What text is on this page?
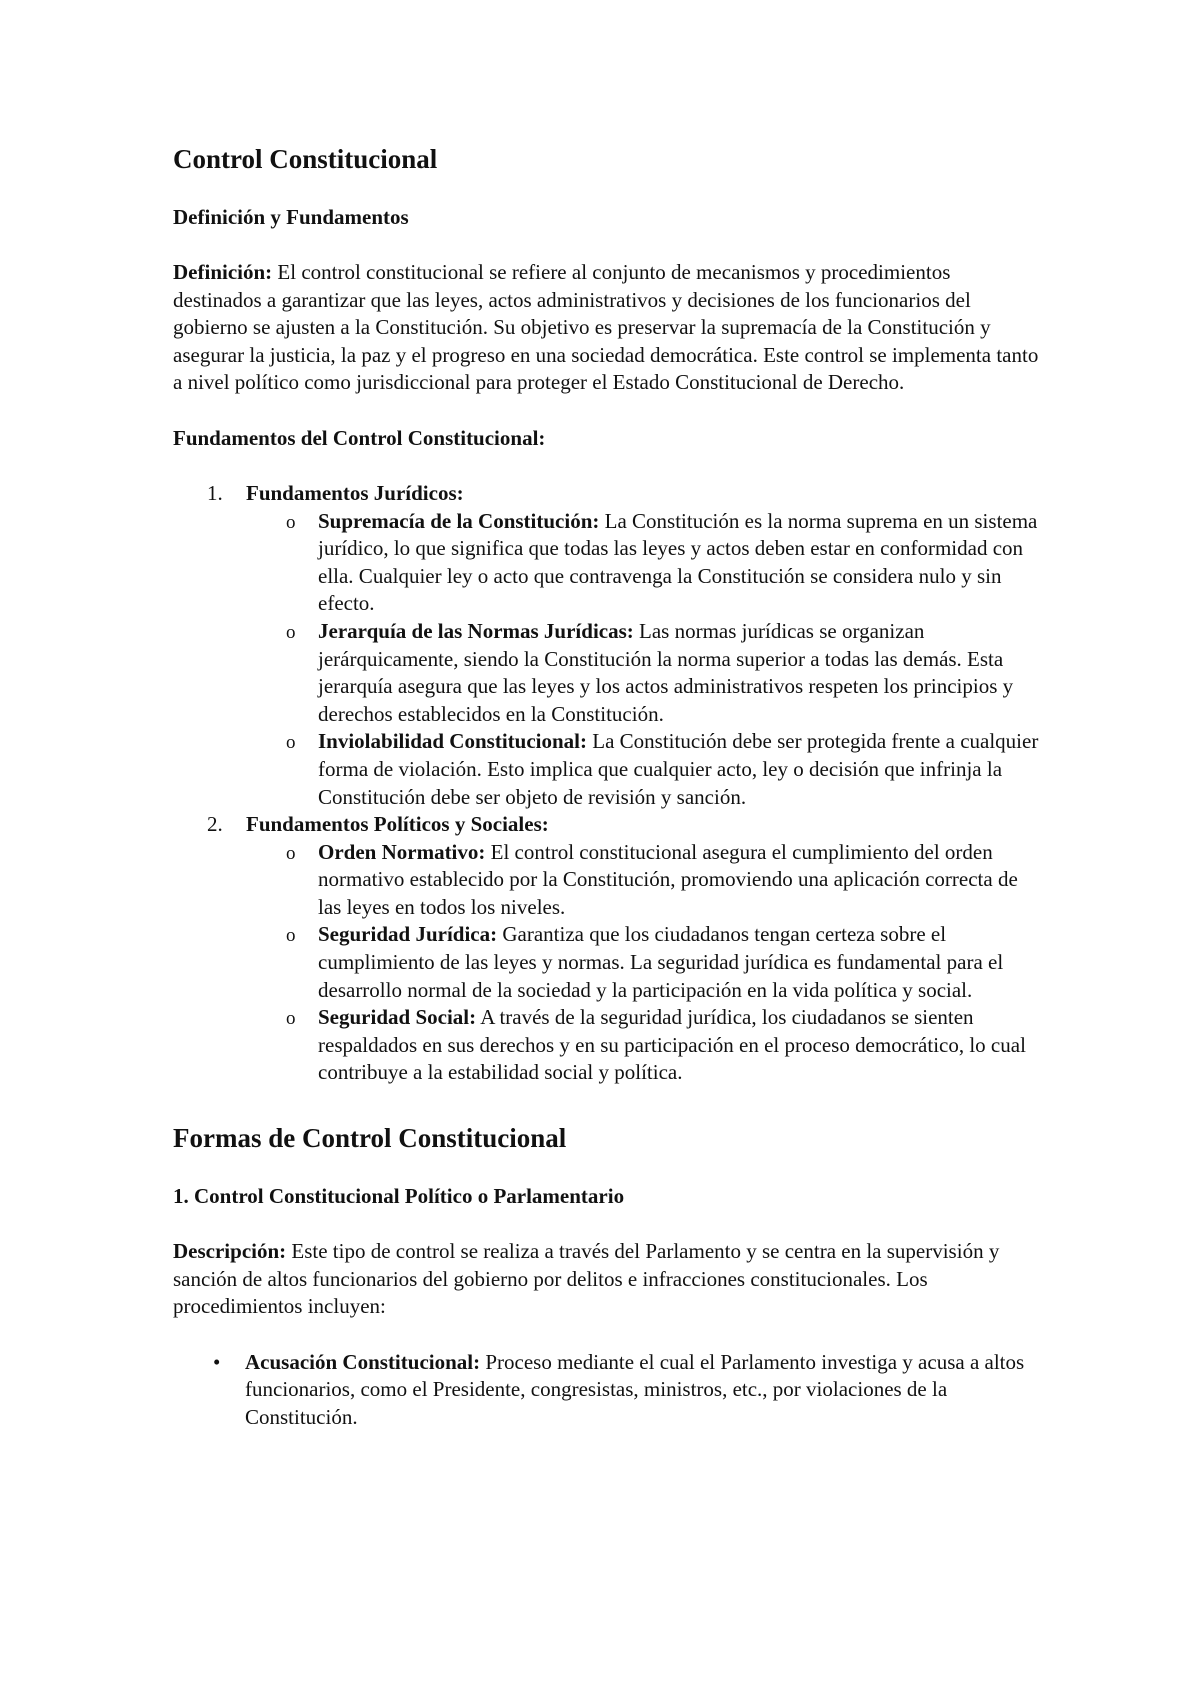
Control Constitucional
Definición y Fundamentos

Definición: El control constitucional se refiere al conjunto de mecanismos y procedimientos destinados a garantizar que las leyes, actos administrativos y decisiones de los funcionarios del gobierno se ajusten a la Constitución. Su objetivo es preservar la supremacía de la Constitución y asegurar la justicia, la paz y el progreso en una sociedad democrática. Este control se implementa tanto a nivel político como jurisdiccional para proteger el Estado Constitucional de Derecho.

Fundamentos del Control Constitucional:
1. Fundamentos Jurídicos:
o Supremacía de la Constitución: La Constitución es la norma suprema en un sistema jurídico, lo que significa que todas las leyes y actos deben estar en conformidad con ella. Cualquier ley o acto que contravenga la Constitución se considera nulo y sin efecto.
o Jerarquía de las Normas Jurídicas: Las normas jurídicas se organizan jerárquicamente, siendo la Constitución la norma superior a todas las demás. Esta jerarquía asegura que las leyes y los actos administrativos respeten los principios y derechos establecidos en la Constitución.
o Inviolabilidad Constitucional: La Constitución debe ser protegida frente a cualquier forma de violación. Esto implica que cualquier acto, ley o decisión que infrinja la Constitución debe ser objeto de revisión y sanción.
2. Fundamentos Políticos y Sociales:
o Orden Normativo: El control constitucional asegura el cumplimiento del orden normativo establecido por la Constitución, promoviendo una aplicación correcta de las leyes en todos los niveles.
o Seguridad Jurídica: Garantiza que los ciudadanos tengan certeza sobre el cumplimiento de las leyes y normas. La seguridad jurídica es fundamental para el desarrollo normal de la sociedad y la participación en la vida política y social.
o Seguridad Social: A través de la seguridad jurídica, los ciudadanos se sienten respaldados en sus derechos y en su participación en el proceso democrático, lo cual contribuye a la estabilidad social y política.
Formas de Control Constitucional
1. Control Constitucional Político o Parlamentario

Descripción: Este tipo de control se realiza a través del Parlamento y se centra en la supervisión y sanción de altos funcionarios del gobierno por delitos e infracciones constitucionales. Los procedimientos incluyen:

• Acusación Constitucional: Proceso mediante el cual el Parlamento investiga y acusa a altos funcionarios, como el Presidente, congresistas, ministros, etc., por violaciones de la Constitución.
